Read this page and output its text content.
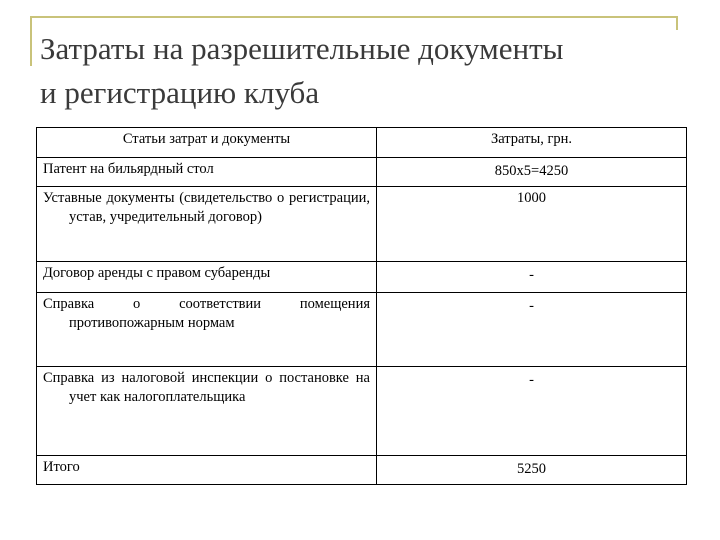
Затраты на разрешительные документы
и регистрацию клуба
Статьи затрат и документы	Затраты, грн.

Патент на бильярдный стол	850х5=4250

Уставные документы (свидетельство о регистрации, устав, учредительный договор)	1000

Договор аренды с правом субаренды	-

Справка о соответствии помещения противопожарным нормам	-

Справка из налоговой инспекции о постановке на учет как налогоплательщика	-

Итого	5250
